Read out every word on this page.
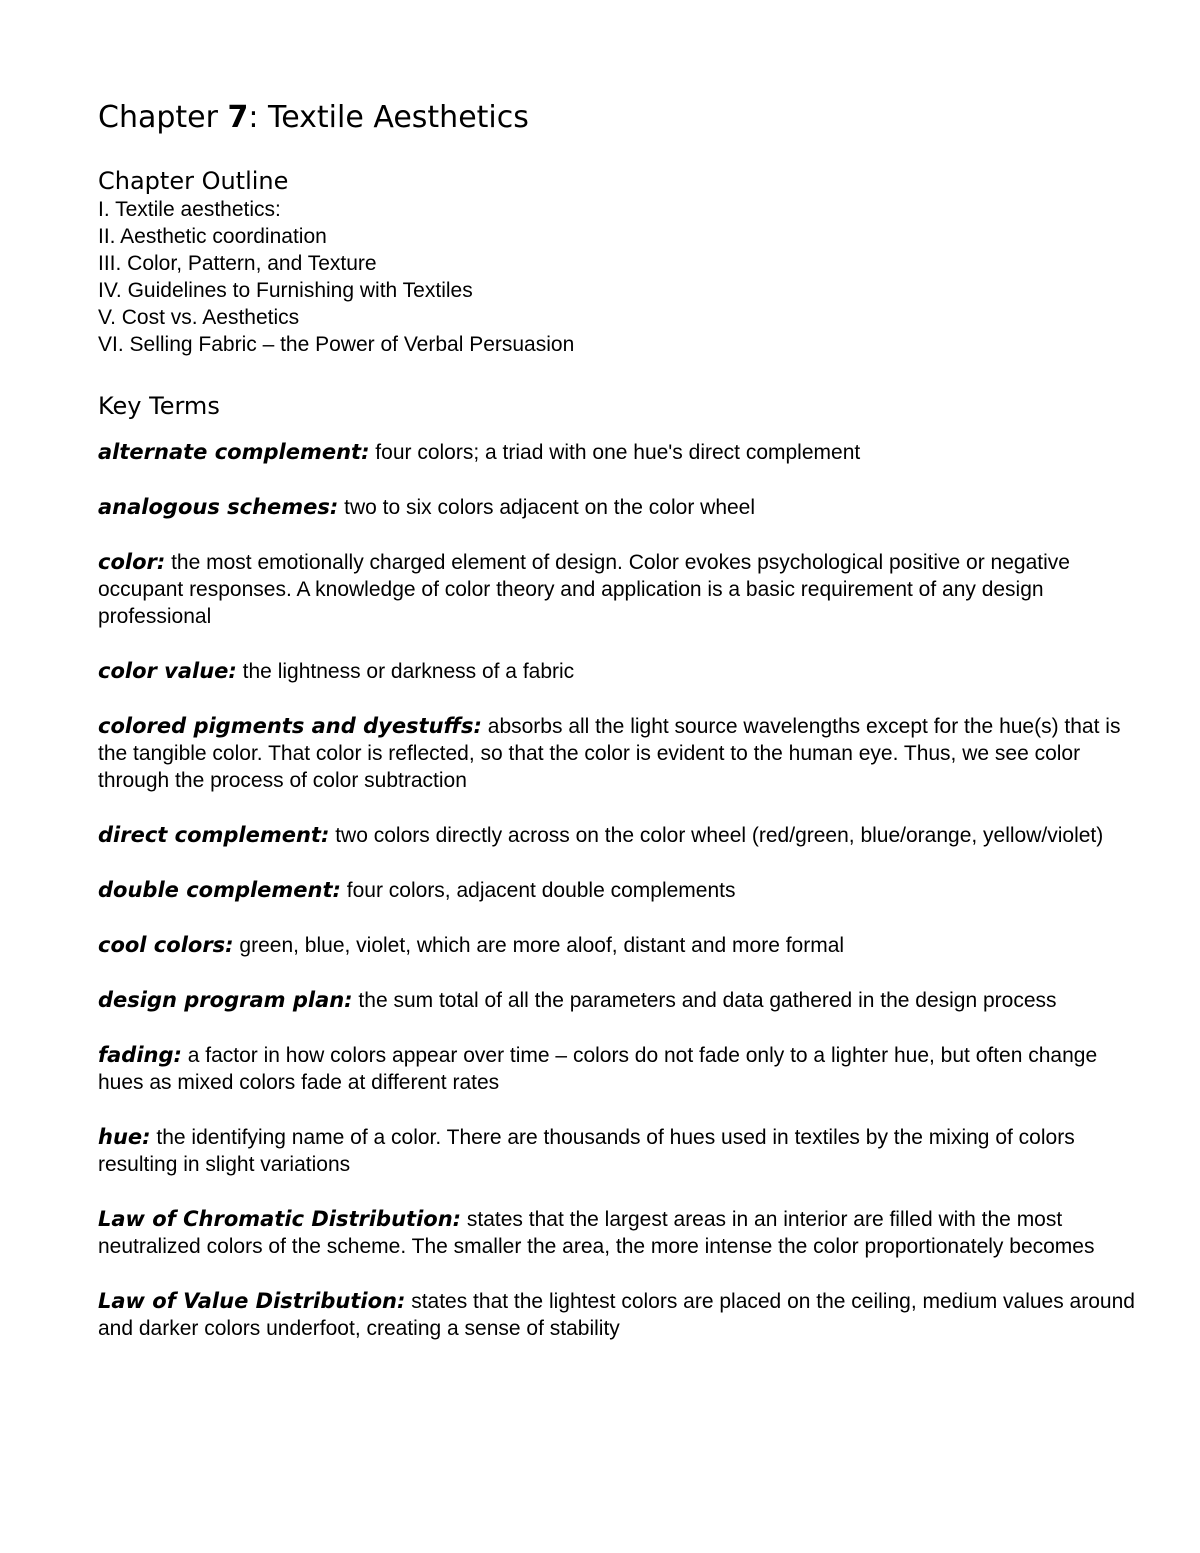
Chapter 7: Textile Aesthetics
Chapter Outline
I. Textile aesthetics:
II. Aesthetic coordination
III. Color, Pattern, and Texture
IV. Guidelines to Furnishing with Textiles
V. Cost vs. Aesthetics
VI. Selling Fabric – the Power of Verbal Persuasion
Key Terms

alternate complement: four colors; a triad with one hue's direct complement

analogous schemes: two to six colors adjacent on the color wheel

color: the most emotionally charged element of design. Color evokes psychological positive or negative occupant responses. A knowledge of color theory and application is a basic requirement of any design professional

color value: the lightness or darkness of a fabric

colored pigments and dyestuffs: absorbs all the light source wavelengths except for the hue(s) that is the tangible color. That color is reflected, so that the color is evident to the human eye. Thus, we see color through the process of color subtraction

direct complement: two colors directly across on the color wheel (red/green, blue/orange, yellow/violet)

double complement: four colors, adjacent double complements

cool colors: green, blue, violet, which are more aloof, distant and more formal

design program plan: the sum total of all the parameters and data gathered in the design process

fading: a factor in how colors appear over time – colors do not fade only to a lighter hue, but often change hues as mixed colors fade at different rates

hue: the identifying name of a color. There are thousands of hues used in textiles by the mixing of colors resulting in slight variations

Law of Chromatic Distribution: states that the largest areas in an interior are filled with the most neutralized colors of the scheme. The smaller the area, the more intense the color proportionately becomes

Law of Value Distribution: states that the lightest colors are placed on the ceiling, medium values around and darker colors underfoot, creating a sense of stability
